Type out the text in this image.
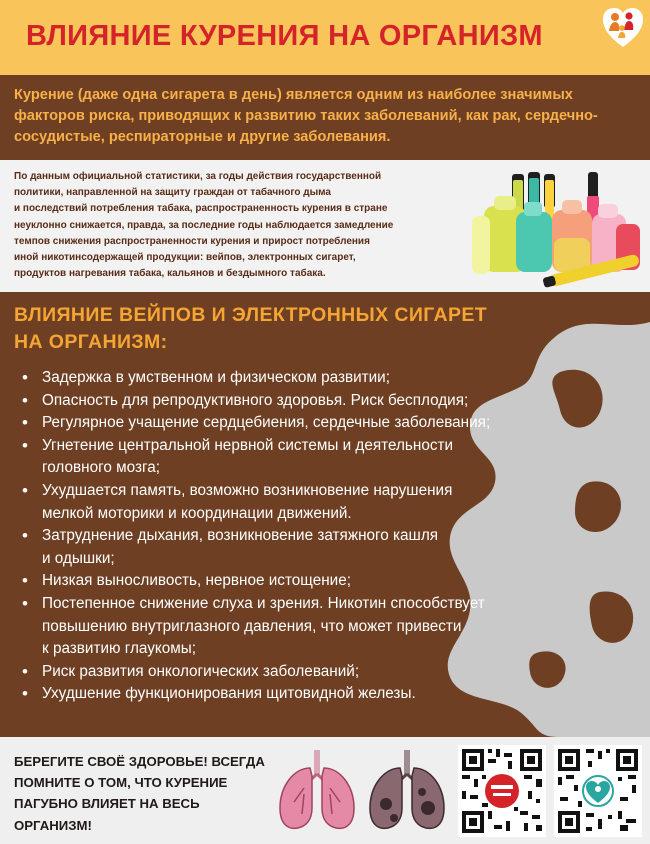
ВЛИЯНИЕ КУРЕНИЯ НА ОРГАНИЗМ
Курение (даже одна сигарета в день) является одним из наиболее значимых факторов риска, приводящих к развитию таких заболеваний, как рак, сердечно-сосудистые, респираторные и другие заболевания.
По данным официальной статистики, за годы действия государственной
политики, направленной на защиту граждан от табачного дыма
и последствий потребления табака, распространенность курения в стране
неуклонно снижается, правда, за последние годы наблюдается замедление
темпов снижения распространенности курения и прирост потребления
иной никотинсодержащей продукции: вейпов, электронных сигарет,
продуктов нагревания табака, кальянов и бездымного табака.
ВЛИЯНИЕ ВЕЙПОВ И ЭЛЕКТРОННЫХ СИГАРЕТ
НА ОРГАНИЗМ:
• Задержка в умственном и физическом развитии;
• Опасность для репродуктивного здоровья. Риск бесплодия;
• Регулярное учащение сердцебиения, сердечные заболевания;
• Угнетение центральной нервной системы и деятельности
головного мозга;
• Ухудшается память, возможно возникновение нарушения
мелкой моторики и координации движений.
• Затруднение дыхания, возникновение затяжного кашля
и одышки;
• Низкая выносливость, нервное истощение;
• Постепенное снижение слуха и зрения. Никотин способствует
повышению внутриглазного давления, что может привести
к развитию глаукомы;
• Риск развития онкологических заболеваний;
• Ухудшение функционирования щитовидной железы.
БЕРЕГИТЕ СВОЁ ЗДОРОВЬЕ! ВСЕГДА
ПОМНИТЕ О ТОМ, ЧТО КУРЕНИЕ
ПАГУБНО ВЛИЯЕТ НА ВЕСЬ
ОРГАНИЗМ!
